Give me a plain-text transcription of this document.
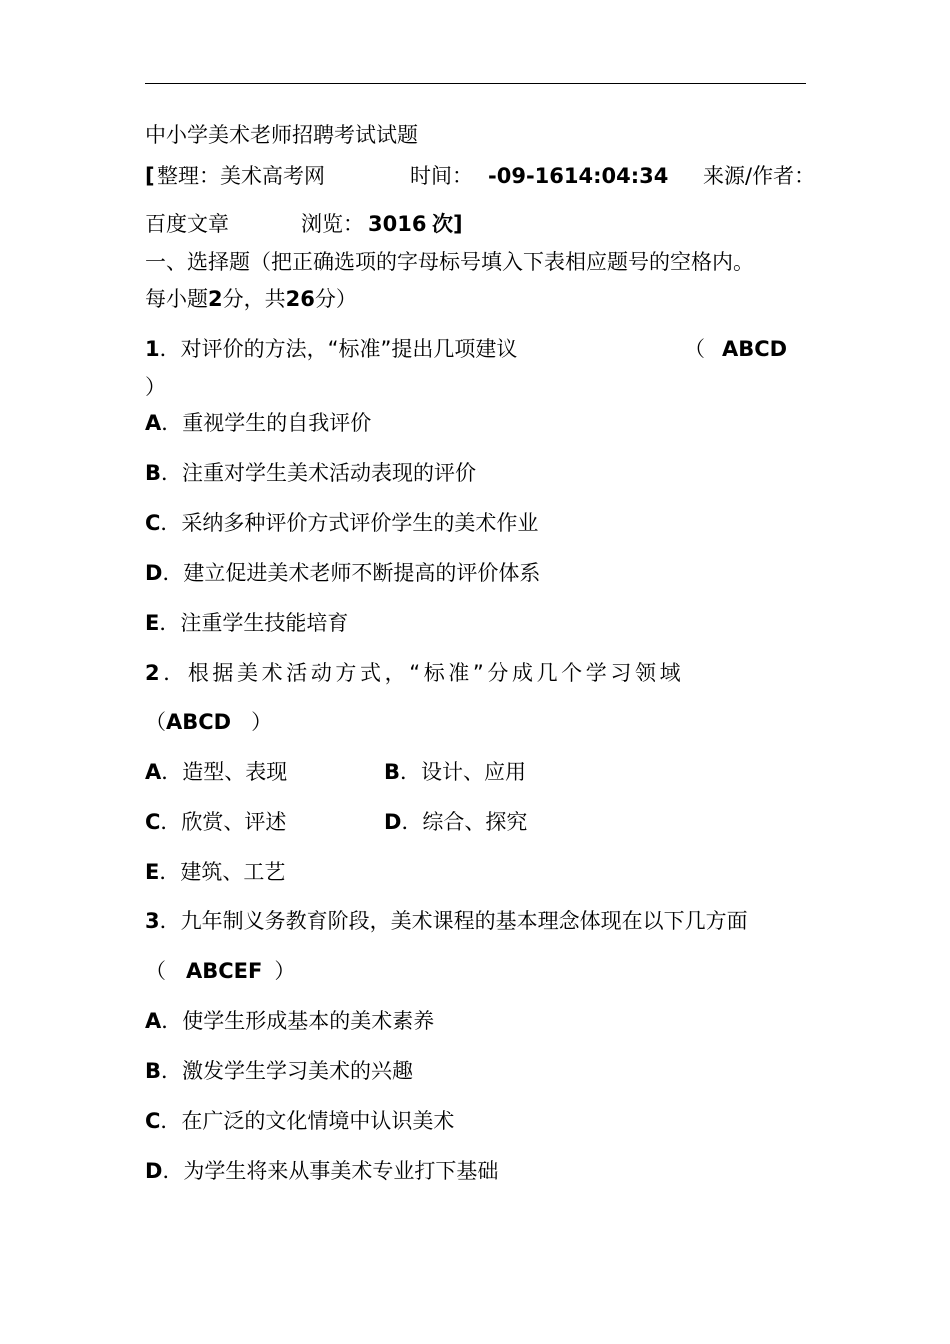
中小学美术老师招聘考试试题
[ 整理：美术高考网	时间： -09-1614:04:34 来源/作者：
百度文章	浏览： 3016 次]
一、选择题（把正确选项的字母标号填入下表相应题号的空格内。
每小题2分，共26分）
1．对评价的方法，“标准”提出几项建议	（ ABCD
）
A．重视学生的自我评价
B．注重对学生美术活动表现的评价
C．采纳多种评价方式评价学生的美术作业
D．建立促进美术老师不断提高的评价体系
E．注重学生技能培育
2．根据美术活动方式，“标准”分成几个学习领域
（ABCD ）
A．造型、表现	B．设计、应用
C．欣赏、评述	D．综合、探究
E．建筑、工艺
3．九年制义务教育阶段，美术课程的基本理念体现在以下几方面
（ ABCEF ）
A．使学生形成基本的美术素养
B．激发学生学习美术的兴趣
C．在广泛的文化情境中认识美术
D．为学生将来从事美术专业打下基础
